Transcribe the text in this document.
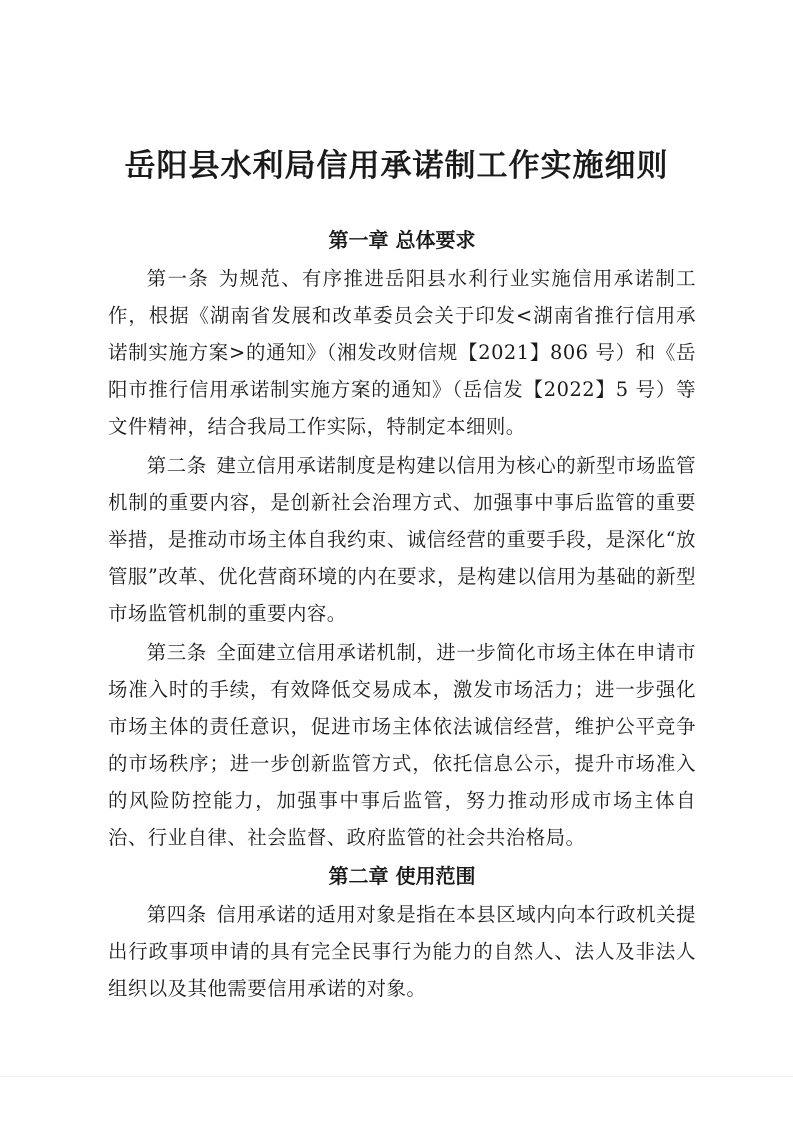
岳阳县水利局信用承诺制工作实施细则
第一章 总体要求

第一条 为规范、有序推进岳阳县水利行业实施信用承诺制工作，根据《湖南省发展和改革委员会关于印发<湖南省推行信用承诺制实施方案>的通知》（湘发改财信规【2021】806 号）和《岳阳市推行信用承诺制实施方案的通知》（岳信发【2022】5 号）等文件精神，结合我局工作实际，特制定本细则。

第二条 建立信用承诺制度是构建以信用为核心的新型市场监管机制的重要内容，是创新社会治理方式、加强事中事后监管的重要举措，是推动市场主体自我约束、诚信经营的重要手段，是深化“放管服”改革、优化营商环境的内在要求，是构建以信用为基础的新型市场监管机制的重要内容。

第三条 全面建立信用承诺机制，进一步简化市场主体在申请市场准入时的手续，有效降低交易成本，激发市场活力；进一步强化市场主体的责任意识，促进市场主体依法诚信经营，维护公平竞争的市场秩序；进一步创新监管方式，依托信息公示，提升市场准入的风险防控能力，加强事中事后监管，努力推动形成市场主体自治、行业自律、社会监督、政府监管的社会共治格局。

第二章 使用范围

第四条 信用承诺的适用对象是指在本县区域内向本行政机关提出行政事项申请的具有完全民事行为能力的自然人、法人及非法人组织以及其他需要信用承诺的对象。
